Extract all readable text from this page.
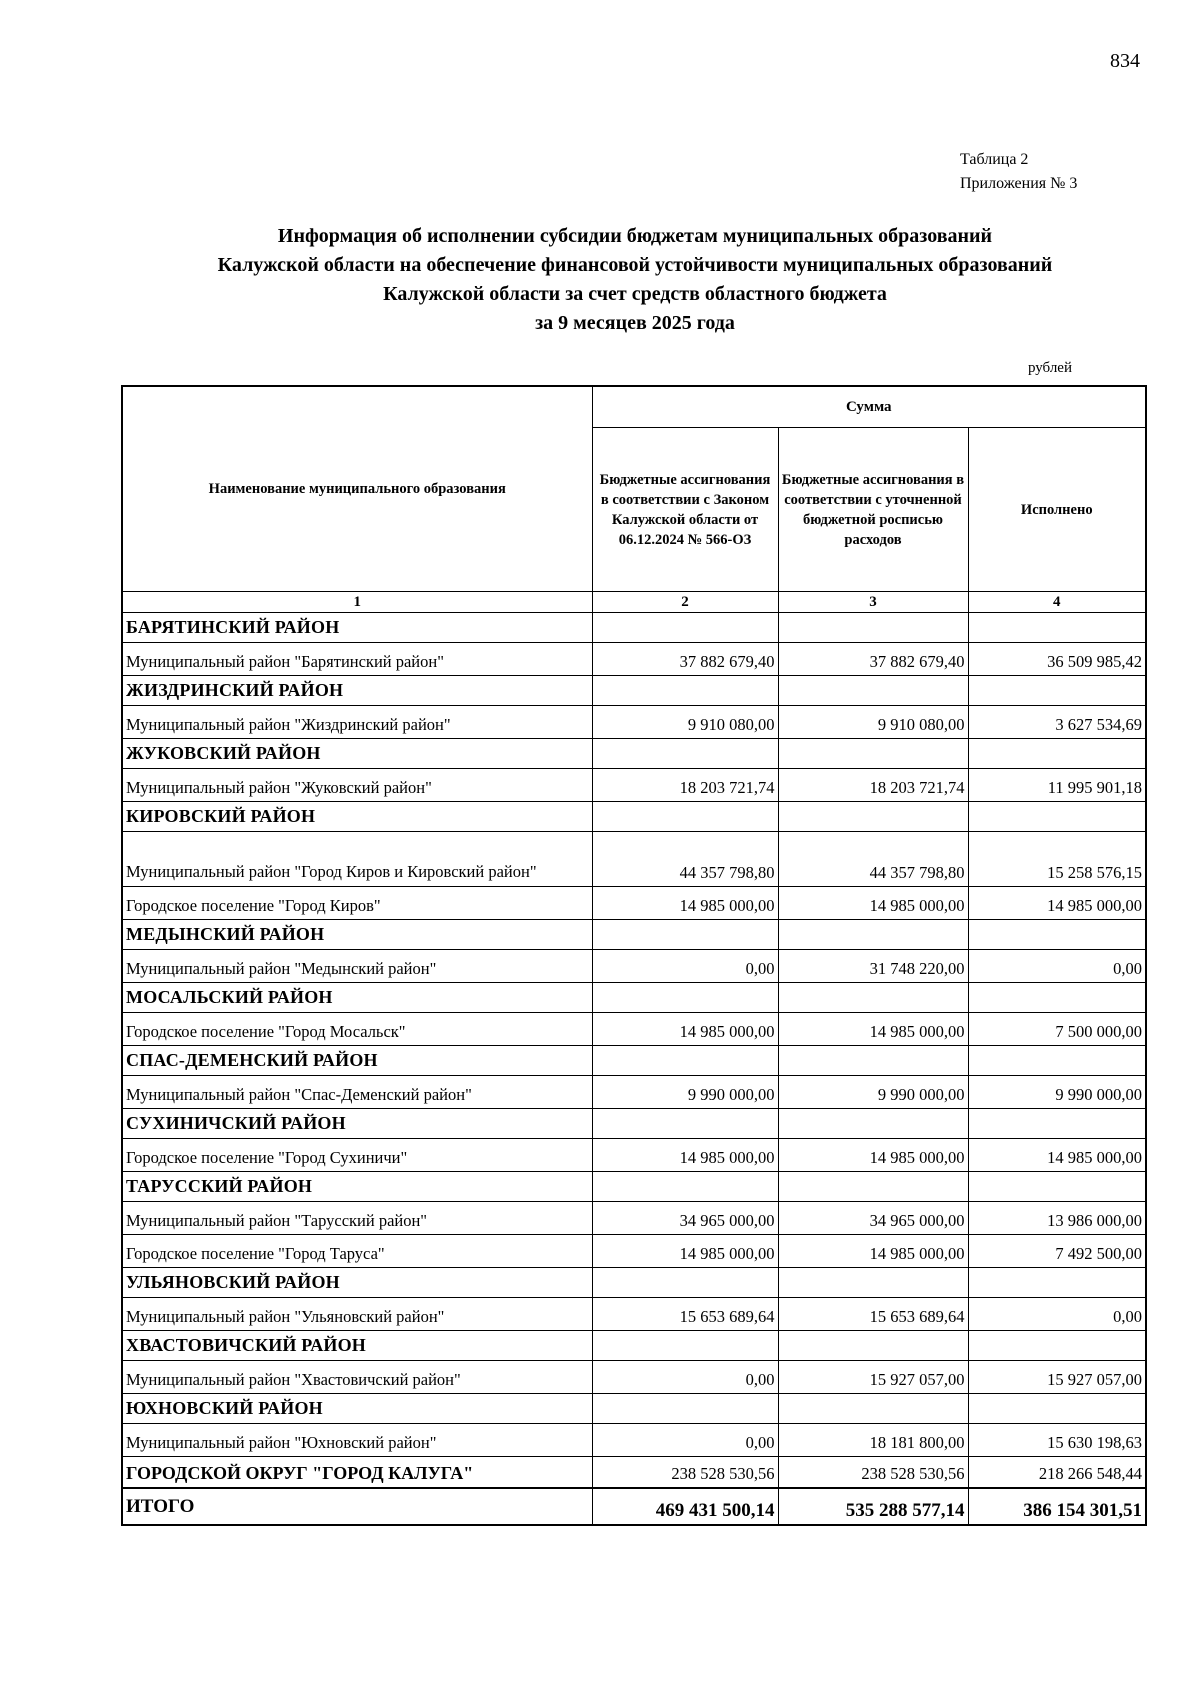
834
Таблица 2
Приложения № 3
Информация об исполнении субсидии бюджетам муниципальных образований
Калужской области на обеспечение финансовой устойчивости муниципальных образований
Калужской области за счет средств областного бюджета
за 9 месяцев 2025 года
рублей
Наименование муниципального образования	Сумма		
	Бюджетные ассигнования в соответствии с Законом Калужской области от 06.12.2024 № 566-ОЗ	Бюджетные ассигнования в соответствии с уточненной бюджетной росписью расходов	Исполнено
1	2	3	4
БАРЯТИНСКИЙ РАЙОН			
Муниципальный район "Барятинский район"	37 882 679,40	37 882 679,40	36 509 985,42
ЖИЗДРИНСКИЙ РАЙОН			
Муниципальный район "Жиздринский район"	9 910 080,00	9 910 080,00	3 627 534,69
ЖУКОВСКИЙ РАЙОН			
Муниципальный район "Жуковский район"	18 203 721,74	18 203 721,74	11 995 901,18
КИРОВСКИЙ РАЙОН			
Муниципальный район "Город Киров и Кировский район"	44 357 798,80	44 357 798,80	15 258 576,15
Городское поселение "Город Киров"	14 985 000,00	14 985 000,00	14 985 000,00
МЕДЫНСКИЙ РАЙОН			
Муниципальный район "Медынский район"	0,00	31 748 220,00	0,00
МОСАЛЬСКИЙ РАЙОН			
Городское поселение "Город Мосальск"	14 985 000,00	14 985 000,00	7 500 000,00
СПАС-ДЕМЕНСКИЙ РАЙОН			
Муниципальный район "Спас-Деменский район"	9 990 000,00	9 990 000,00	9 990 000,00
СУХИНИЧСКИЙ РАЙОН			
Городское поселение "Город Сухиничи"	14 985 000,00	14 985 000,00	14 985 000,00
ТАРУССКИЙ РАЙОН			
Муниципальный район "Тарусский район"	34 965 000,00	34 965 000,00	13 986 000,00
Городское поселение "Город Таруса"	14 985 000,00	14 985 000,00	7 492 500,00
УЛЬЯНОВСКИЙ РАЙОН			
Муниципальный район "Ульяновский район"	15 653 689,64	15 653 689,64	0,00
ХВАСТОВИЧСКИЙ РАЙОН			
Муниципальный район "Хвастовичский район"	0,00	15 927 057,00	15 927 057,00
ЮХНОВСКИЙ РАЙОН			
Муниципальный район "Юхновский район"	0,00	18 181 800,00	15 630 198,63
ГОРОДСКОЙ ОКРУГ "ГОРОД КАЛУГА"	238 528 530,56	238 528 530,56	218 266 548,44
ИТОГО	469 431 500,14	535 288 577,14	386 154 301,51
